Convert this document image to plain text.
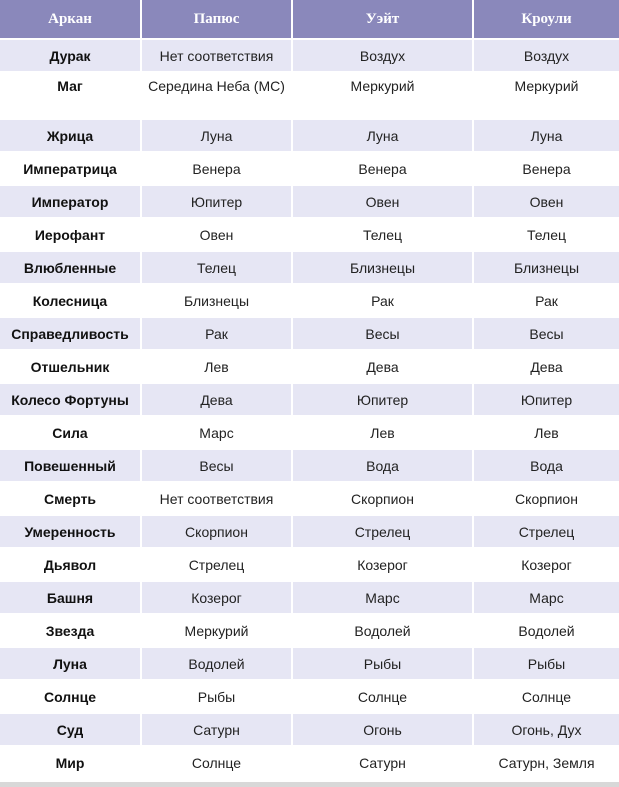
Аркан	Папюс	Уэйт	Кроули
Дурак	Нет соответствия	Воздух	Воздух
Маг	Середина Неба (МС)	Меркурий	Меркурий
Жрица	Луна	Луна	Луна
Императрица	Венера	Венера	Венера
Император	Юпитер	Овен	Овен
Иерофант	Овен	Телец	Телец
Влюбленные	Телец	Близнецы	Близнецы
Колесница	Близнецы	Рак	Рак
Справедливость	Рак	Весы	Весы
Отшельник	Лев	Дева	Дева
Колесо Фортуны	Дева	Юпитер	Юпитер
Сила	Марс	Лев	Лев
Повешенный	Весы	Вода	Вода
Смерть	Нет соответствия	Скорпион	Скорпион
Умеренность	Скорпион	Стрелец	Стрелец
Дьявол	Стрелец	Козерог	Козерог
Башня	Козерог	Марс	Марс
Звезда	Меркурий	Водолей	Водолей
Луна	Водолей	Рыбы	Рыбы
Солнце	Рыбы	Солнце	Солнце
Суд	Сатурн	Огонь	Огонь, Дух
Мир	Солнце	Сатурн	Сатурн, Земля
